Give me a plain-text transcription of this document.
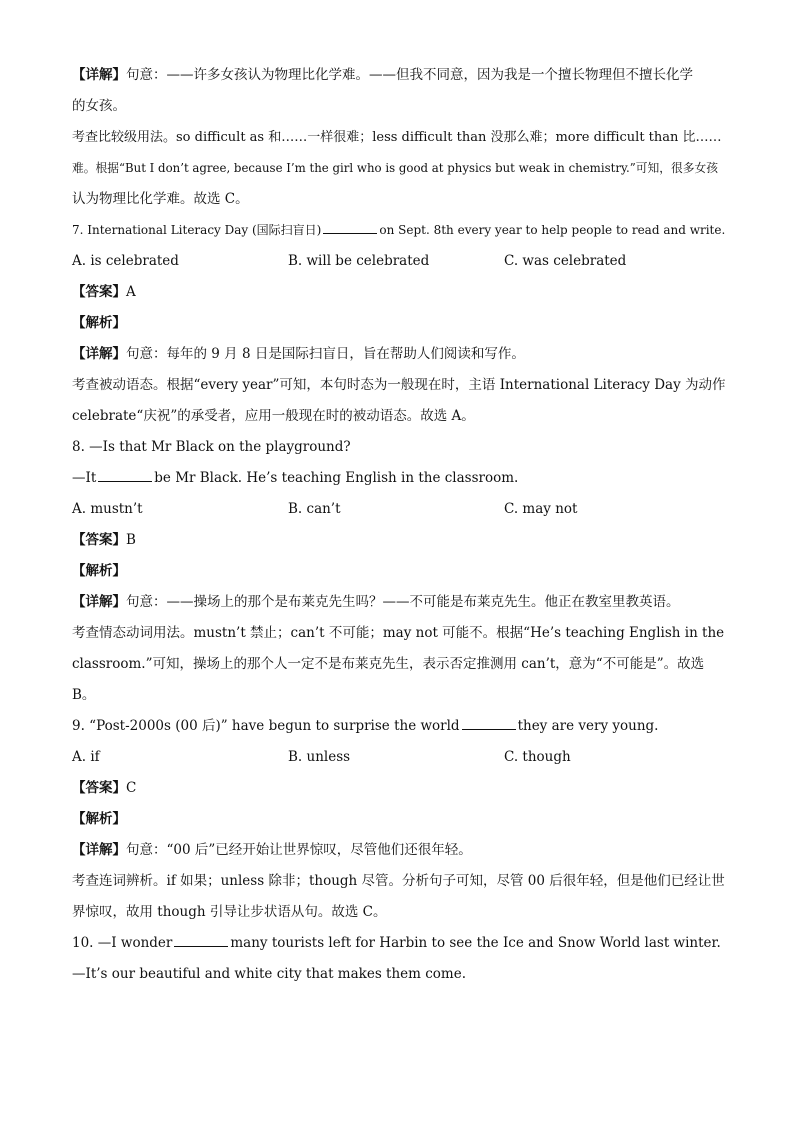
【详解】句意：——许多女孩认为物理比化学难。——但我不同意，因为我是一个擅长物理但不擅长化学
的女孩。
考查比较级用法。so difficult as 和……一样很难；less difficult than 没那么难；more difficult than 比……
难。根据“But I don’t agree, because I’m the girl who is good at physics but weak in chemistry.”可知，很多女孩
认为物理比化学难。故选 C。
7. International Literacy Day (国际扫盲日)	on Sept. 8th every year to help people to read and write.
A. is celebrated	B. will be celebrated	C. was celebrated
【答案】A
【解析】
【详解】句意：每年的 9 月 8 日是国际扫盲日，旨在帮助人们阅读和写作。
考查被动语态。根据“every year”可知，本句时态为一般现在时，主语 International Literacy Day 为动作
celebrate“庆祝”的承受者，应用一般现在时的被动语态。故选 A。
8. —Is that Mr Black on the playground?
—It	be Mr Black. He’s teaching English in the classroom.
A. mustn’t	B. can’t	C. may not
【答案】B
【解析】
【详解】句意：——操场上的那个是布莱克先生吗？——不可能是布莱克先生。他正在教室里教英语。
考查情态动词用法。mustn’t 禁止；can’t 不可能；may not 可能不。根据“He’s teaching English in the
classroom.”可知，操场上的那个人一定不是布莱克先生，表示否定推测用 can’t，意为“不可能是”。故选
B。
9. “Post-2000s (00 后)” have begun to surprise the world	they are very young.
A. if	B. unless	C. though
【答案】C
【解析】
【详解】句意：“00 后”已经开始让世界惊叹，尽管他们还很年轻。
考查连词辨析。if 如果；unless 除非；though 尽管。分析句子可知，尽管 00 后很年轻，但是他们已经让世
界惊叹，故用 though 引导让步状语从句。故选 C。
10. —I wonder	many tourists left for Harbin to see the Ice and Snow World last winter.
—It’s our beautiful and white city that makes them come.
